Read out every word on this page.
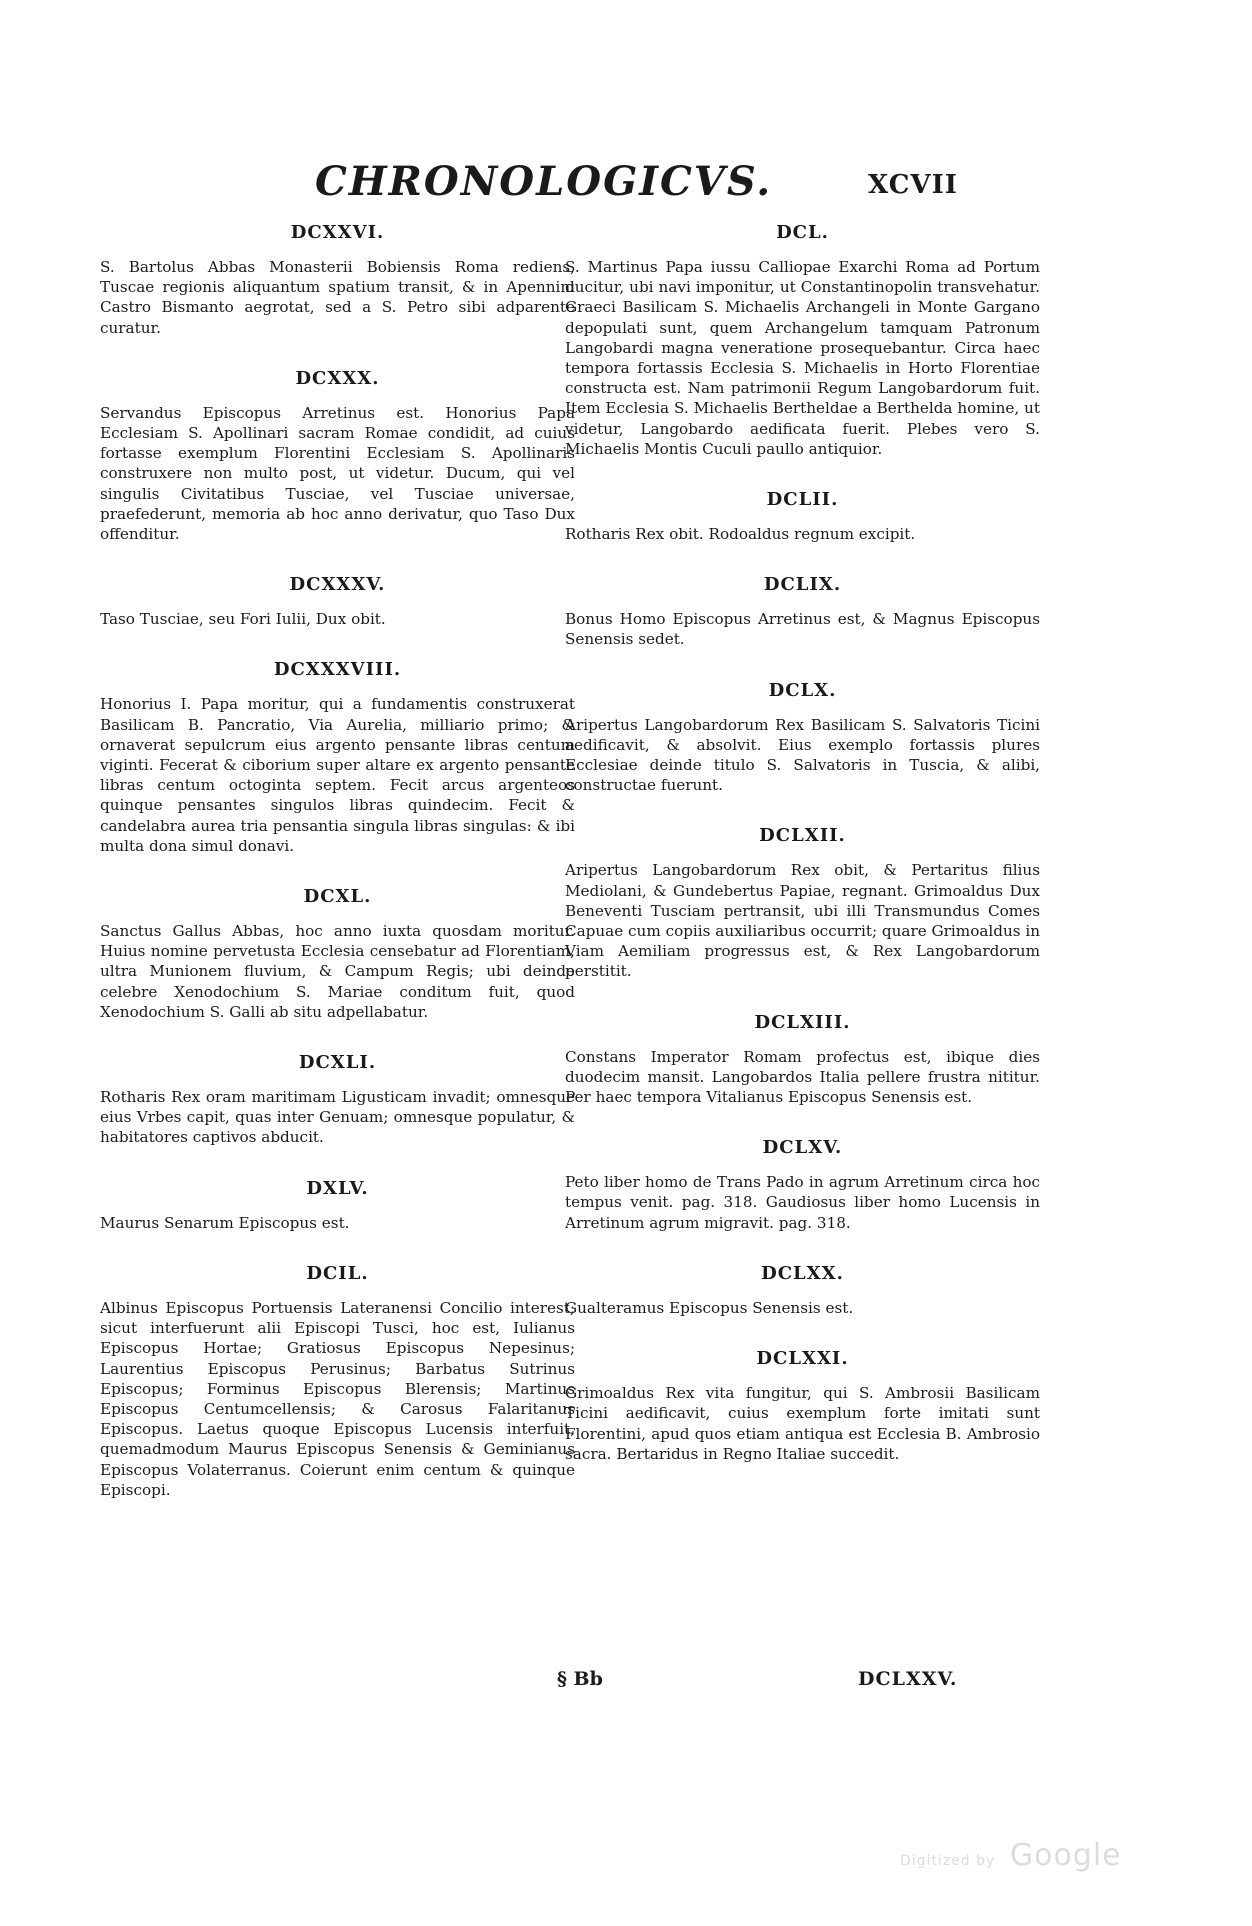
CHRONOLOGICVS.	XCVII
DCXXVI.
S. Bartolus Abbas Monasterii Bobiensis Roma rediens, Tuscae regionis aliquantum spatium transit, & in Apennini Castro Bismanto aegrotat, sed a S. Petro sibi adparente curatur.
DCXXX.
Servandus Episcopus Arretinus est. Honorius Papa Ecclesiam S. Apollinari sacram Romae condidit, ad cuius fortasse exemplum Florentini Ecclesiam S. Apollinaris construxere non multo post, ut videtur. Ducum, qui vel singulis Civitatibus Tusciae, vel Tusciae universae, praefederunt, memoria ab hoc anno derivatur, quo Taso Dux offenditur.
DCXXXV.
Taso Tusciae, seu Fori Iulii, Dux obit.
DCXXXVIII.
Honorius I. Papa moritur, qui a fundamentis construxerat Basilicam B. Pancratio, Via Aurelia, milliario primo; & ornaverat sepulcrum eius argento pensante libras centum viginti. Fecerat & ciborium super altare ex argento pensante libras centum octoginta septem. Fecit arcus argenteos quinque pensantes singulos libras quindecim. Fecit & candelabra aurea tria pensantia singula libras singulas: & ibi multa dona simul donavi.
DCXL.
Sanctus Gallus Abbas, hoc anno iuxta quosdam moritur. Huius nomine pervetusta Ecclesia censebatur ad Florentiam, ultra Munionem fluvium, & Campum Regis; ubi deinde celebre Xenodochium S. Mariae conditum fuit, quod Xenodochium S. Galli ab situ adpellabatur.
DCXLI.
Rotharis Rex oram maritimam Ligusticam invadit; omnesque eius Vrbes capit, quas inter Genuam; omnesque populatur, & habitatores captivos abducit.
DXLV.
Maurus Senarum Episcopus est.
DCIL.
Albinus Episcopus Portuensis Lateranensi Concilio interest; sicut interfuerunt alii Episcopi Tusci, hoc est, Iulianus Episcopus Hortae; Gratiosus Episcopus Nepesinus; Laurentius Episcopus Perusinus; Barbatus Sutrinus Episcopus; Forminus Episcopus Blerensis; Martinus Episcopus Centumcellensis; & Carosus Falaritanus Episcopus. Laetus quoque Episcopus Lucensis interfuit, quemadmodum Maurus Episcopus Senensis & Geminianus Episcopus Volaterranus. Coierunt enim centum & quinque Episcopi.
DCL.
S. Martinus Papa iussu Calliopae Exarchi Roma ad Portum ducitur, ubi navi imponitur, ut Constantinopolin transvehatur. Graeci Basilicam S. Michaelis Archangeli in Monte Gargano depopulati sunt, quem Archangelum tamquam Patronum Langobardi magna veneratione prosequebantur. Circa haec tempora fortassis Ecclesia S. Michaelis in Horto Florentiae constructa est. Nam patrimonii Regum Langobardorum fuit. Item Ecclesia S. Michaelis Bertheldae a Berthelda homine, ut videtur, Langobardo aedificata fuerit. Plebes vero S. Michaelis Montis Cuculi paullo antiquior.
DCLII.
Rotharis Rex obit. Rodoaldus regnum excipit.
DCLIX.
Bonus Homo Episcopus Arretinus est, & Magnus Episcopus Senensis sedet.
DCLX.
Aripertus Langobardorum Rex Basilicam S. Salvatoris Ticini aedificavit, & absolvit. Eius exemplo fortassis plures Ecclesiae deinde titulo S. Salvatoris in Tuscia, & alibi, constructae fuerunt.
DCLXII.
Aripertus Langobardorum Rex obit, & Pertaritus filius Mediolani, & Gundebertus Papiae, regnant. Grimoaldus Dux Beneventi Tusciam pertransit, ubi illi Transmundus Comes Capuae cum copiis auxiliaribus occurrit; quare Grimoaldus in Viam Aemiliam progressus est, & Rex Langobardorum perstitit.
DCLXIII.
Constans Imperator Romam profectus est, ibique dies duodecim mansit. Langobardos Italia pellere frustra nititur. Per haec tempora Vitalianus Episcopus Senensis est.
DCLXV.
Peto liber homo de Trans Pado in agrum Arretinum circa hoc tempus venit. pag. 318. Gaudiosus liber homo Lucensis in Arretinum agrum migravit. pag. 318.
DCLXX.
Gualteramus Episcopus Senensis est.
DCLXXI.
Grimoaldus Rex vita fungitur, qui S. Ambrosii Basilicam Ticini aedificavit, cuius exemplum forte imitati sunt Florentini, apud quos etiam antiqua est Ecclesia B. Ambrosio sacra. Bertaridus in Regno Italiae succedit.
§ Bb	DCLXXV.
Digitized by Google
